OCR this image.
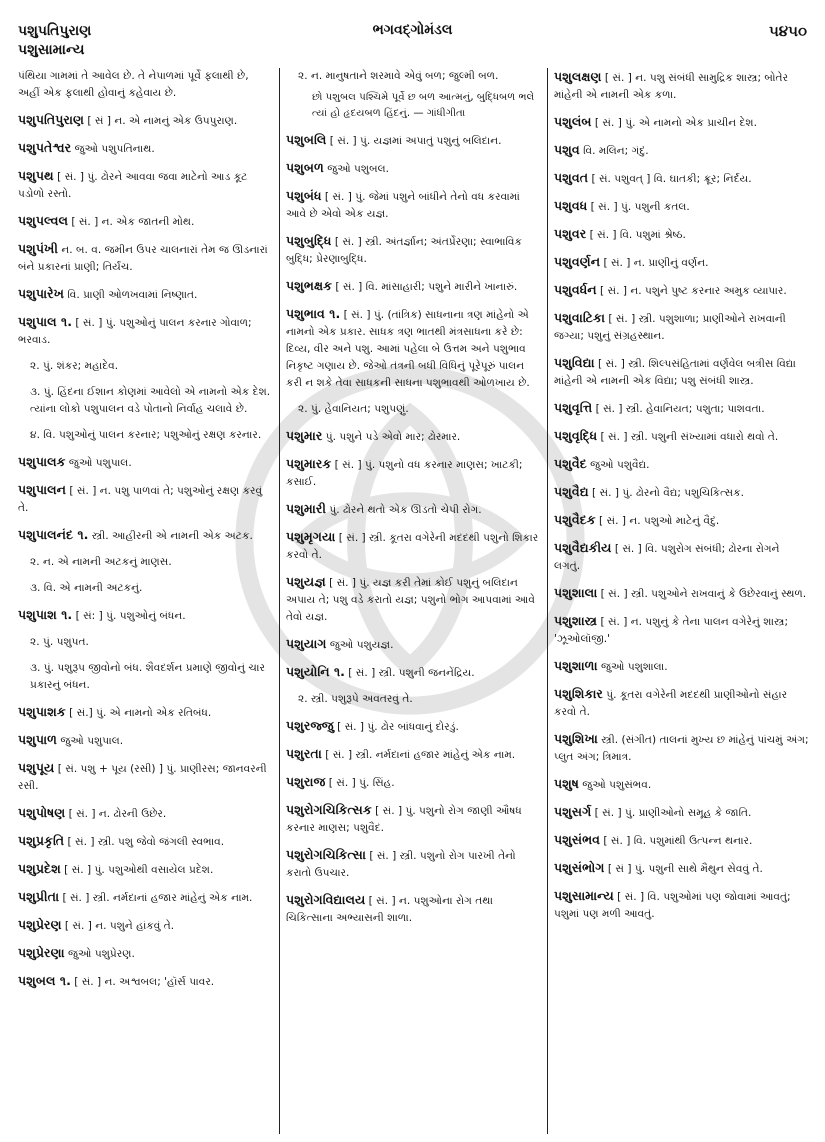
પશુપતિપુરાણ
પશુસામાન્ય
ભગવદ્ગોમંડલ	૫૪૫૦
પંથિયા ગામમાં તે આવેલ છે. તે નેપાળમાં પૂર્વે ફલાથી છે, અહીં એક ફલાથી હોવાનું કહેવાય છે.
પશુપતિપુરાણ [ સં ] ન. એ નામનું એક ઉપપુરાણ.
પશુપતેશ્વર જુઓ પશુપતિનાથ.
પશુપથ [ સં. ] પું. ઢોરને આવવા જવા માટેનો આડ કૂટ પડોળો રસ્તો.
પશુપલ્વલ [ સં. ] ન. એક જાતની મોથ.
પશુપંખી ન. બ. વ. જમીન ઉપર ચાલનારાં તેમ જ ઊડનારાં બંને પ્રકારનાં પ્રાણી; તિર્યંચ.
પશુપારેખ વિ. પ્રાણી ઓળખવામાં નિષ્ણાત.
પશુપાલ ૧. [ સં. ] પું. પશુઓનું પાલન કરનાર ગોવાળ; ભરવાડ.
૨. પું. શંકર; મહાદેવ.
૩. પું. હિંદના ઈશાન કોણમાં આવેલો એ નામનો એક દેશ. ત્યાંના લોકો પશુપાલન વડે પોતાનો નિર્વાહ ચલાવે છે.
૪. વિ. પશુઓનું પાલન કરનાર; પશુઓનું રક્ષણ કરનાર.
પશુપાલક જુઓ પશુપાલ.
પશુપાલન [ સં. ] ન. પશુ પાળવાં તે; પશુઓનું રક્ષણ કરવું તે.
પશુપાલનંદ ૧. સ્ત્રી. આહીરની એ નામની એક અટક.
૨. ન. એ નામની અટકનું માણસ.
૩. વિ. એ નામની અટકનું.
પશુપાશ ૧. [ સં: ] પું. પશુઓનું બંધન.
૨. પું. પશુપત.
૩. પું. પશુરૂપ જીવોનો બંધ. શૈવદર્શન પ્રમાણે જીવોનું ચાર પ્રકારનું બંધન.
પશુપાશક [ સં.] પું. એ નામનો એક રતિબંધ.
પશુપાળ જુઓ પશુપાલ.
પશુપૂય [ સં. પશુ + પૂય (રસી) ] પું. પ્રાણીરસ; જાનવરની રસી.
પશુપોષણ [ સં. ] ન. ઢોરની ઉછેર.
પશુપ્રકૃતિ [ સં. ] સ્ત્રી. પશુ જેવો જંગલી સ્વભાવ.
પશુપ્રદેશ [ સં. ] પું. પશુઓથી વસાયેલ પ્રદેશ.
પશુપ્રીતા [ સં. ] સ્ત્રી. નર્મદાનાં હજાર માંહેનું એક નામ.
પશુપ્રેરણ [ સં. ] ન. પશુને હાંકવું તે.
પશુપ્રેરણા જુઓ પશુપ્રેરણ.
પશુબલ ૧. [ સં. ] ન. અશ્વબલ; 'હૉર્સ પાવર.
૨. ન. માનુષતાને શરમાવે એવું બળ; જુલ્મી બળ.
છો પશુબલ પશ્ચિમે પૂર્વે છ બળ આત્મનું, બુદ્ધિબળ ભલે ત્યાં હો હૃદયબળ હિંદનું. — ગાંધીગીતા
પશુબલિ [ સં. ] પું. યજ્ઞમાં અપાતું પશુનું બલિદાન.
પશુબળ જુઓ પશુબલ.
પશુબંધ [ સં. ] પું. જેમાં પશુને બાંધીને તેનો વધ કરવામાં આવે છે એવો એક યજ્ઞ.
પશુબુદ્ધિ [ સં. ] સ્ત્રી. અંતર્જ્ઞાન; અંતર્પ્રેરણા; સ્વાભાવિક બુદ્ધિ; પ્રેરણાબુદ્ધિ.
પશુભક્ષક [ સં. ] વિ. માંસાહારી; પશુને મારીને ખાનારું.
પશુભાવ ૧. [ સં. ] પું. (તાંત્રિક) સાધનાના ત્રણ માંહેનો એ નામનો એક પ્રકાર. સાધક ત્રણ ભાતથી મંત્રસાધના કરે છે: દિવ્ય, વીર અને પશુ. આમાં પહેલા બે ઉત્તમ અને પશુભાવ નિકૃષ્ટ ગણાય છે. જેઓ તંત્રની બધી વિધિનું પૂરેપૂરું પાલન કરી ન શકે તેવા સાધકની સાધના પશુભાવથી ઓળખાય છે.
૨. પું. હેવાનિયત; પશુપણું.
પશુમાર પું. પશુને પડે એવો માર; ઢોરમાર.
પશુમારક [ સં. ] પું. પશુનો વધ કરનાર માણસ; ખાટકી; કસાઈ.
પશુમારી પું. ઢોરને થતો એક ઊડતો ચેપી રોગ.
પશુમૃગયા [ સં. ] સ્ત્રી. કૂતરા વગેરેની મદદથી પશુનો શિકાર કરવો તે.
પશુયજ્ઞ [ સં. ] પું. યજ્ઞ કરી તેમાં કોઈ પશુનું બલિદાન અપાય તે; પશુ વડે કરાતો યજ્ઞ; પશુનો ભોગ આપવામાં આવે તેવો યજ્ઞ.
પશુયાગ જુઓ પશુયજ્ઞ.
પશુયોનિ ૧. [ સં. ] સ્ત્રી. પશુની જનનેંદ્રિય.
૨. સ્ત્રી. પશુરૂપે અવતરવું તે.
પશુરજ્જુ [ સં. ] પું. ઢોર બાંધવાનું દોરડું.
પશુરતા [ સં. ] સ્ત્રી. નર્મદાનાં હજાર માંહેનું એક નામ.
પશુરાજ [ સં. ] પું. સિંહ.
પશુરોગચિકિત્સક [ સં. ] પું. પશુનો રોગ જાણી ઔષધ કરનાર માણસ; પશુવૈદ.
પશુરોગચિકિત્સા [ સં. ] સ્ત્રી. પશુનો રોગ પારખી તેનો કરાતો ઉપચાર.
પશુરોગવિદ્યાલય [ સં. ] ન. પશુઓના રોગ તથા ચિકિત્સાના અભ્યાસની શાળા.
પશુલક્ષણ [ સં. ] ન. પશુ સંબંધી સામુદ્રિક શાસ્ત્ર; બોતેર માંહેની એ નામની એક કળા.
પશુલંબ [ સં. ] પું. એ નામનો એક પ્રાચીન દેશ.
પશુવ વિ. મલિન; ગંદું.
પશુવત [ સં. પશુવત્ ] વિ. ઘાતકી; ક્રૂર; નિર્દય.
પશુવધ [ સં. ] પું. પશુની કતલ.
પશુવર [ સં. ] વિ. પશુમાં શ્રેષ્ઠ.
પશુવર્ણન [ સં. ] ન. પ્રાણીનું વર્ણન.
પશુવર્ધન [ સં. ] ન. પશુને પુષ્ટ કરનાર અમુક વ્યાપાર.
પશુવાટિકા [ સં. ] સ્ત્રી. પશુશાળા; પ્રાણીઓને રાખવાની જગ્યા; પશુનું સંગ્રહસ્થાન.
પશુવિદ્યા [ સં. ] સ્ત્રી. શિલ્પસંહિતામાં વર્ણવેલ બત્રીસ વિદ્યા માંહેની એ નામની એક વિદ્યા; પશુ સંબંધી શાસ્ત્ર.
પશુવૃત્તિ [ સં. ] સ્ત્રી. હેવાનિયત; પશુતા; પાશવતા.
પશુવૃદ્ધિ [ સં. ] સ્ત્રી. પશુની સંખ્યામાં વધારો થવો તે.
પશુવૈદ જુઓ પશુવૈદ્ય.
પશુવૈદ્ય [ સં. ] પું. ઢોરનો વૈદ્ય; પશુચિકિત્સક.
પશુવૈદક [ સં. ] ન. પશુઓ માટેનું વૈદું.
પશુવૈદ્યકીય [ સં. ] વિ. પશુરોગ સંબંધી; ઢોરના રોગને લગતું.
પશુશાલા [ સં. ] સ્ત્રી. પશુઓને રાખવાનું કે ઉછેરવાનું સ્થળ.
પશુશાસ્ત્ર [ સં. ] ન. પશુનું કે તેના પાલન વગેરેનું શાસ્ત્ર; 'ઝૂઓલૉજી.'
પશુશાળા જુઓ પશુશાલા.
પશુશિકાર પું. કૂતરા વગેરેની મદદથી પ્રાણીઓનો સંહાર કરવો તે.
પશુશિખા સ્ત્રી. (સંગીત) તાલનાં મુખ્ય છ માંહેનું પાંચમું અંગ; પ્લુત અંગ; ત્રિમાત્ર.
પશુષ જુઓ પશુસંભવ.
પશુસર્ગ [ સં. ] પું. પ્રાણીઓનો સમૂહ કે જાતિ.
પશુસંભવ [ સં. ] વિ. પશુમાંથી ઉત્પન્ન થનાર.
પશુસંભોગ [ સં ] પું. પશુની સાથે મૈથુન સેવવું તે.
પશુસામાન્ય [ સં. ] વિ. પશુઓમાં પણ જોવામાં આવતું; પશુમાં પણ મળી આવતું.
